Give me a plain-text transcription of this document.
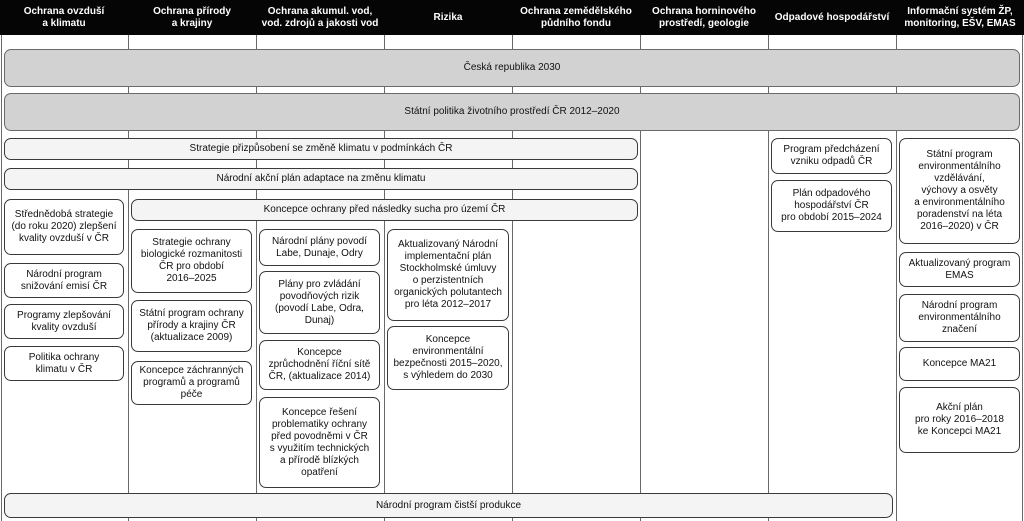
Ochrana ovzduší
a klimatu
Ochrana přírody
a krajiny
Ochrana akumul. vod,
vod. zdrojů a jakosti vod
Rizika
Ochrana zemědělského
půdního fondu
Ochrana horninového
prostředí, geologie
Odpadové hospodářství
Informační systém ŽP,
monitoring, EŠV, EMAS
Česká republika 2030
Státní politika životního prostředí ČR 2012–2020
Strategie přizpůsobení se změně klimatu v podmínkách ČR
Národní akční plán adaptace na změnu klimatu
Koncepce ochrany před následky sucha pro území ČR
Národní program čistší produkce
Střednědobá strategie
(do roku 2020) zlepšení
kvality ovzduší v ČR
Národní program
snižování emisí ČR
Programy zlepšování
kvality ovzduší
Politika ochrany
klimatu v ČR
Strategie ochrany
biologické rozmanitosti
ČR pro období
2016–2025
Státní program ochrany
přírody a krajiny ČR
(aktualizace 2009)
Koncepce záchranných
programů a programů
péče
Národní plány povodí
Labe, Dunaje, Odry
Plány pro zvládání
povodňových rizik
(povodí Labe, Odra,
Dunaj)
Koncepce
zprůchodnění říční sítě
ČR, (aktualizace 2014)
Koncepce řešení
problematiky ochrany
před povodněmi v ČR
s využitím technických
a přírodě blízkých
opatření
Aktualizovaný Národní
implementační plán
Stockholmské úmluvy
o perzistentních
organických polutantech
pro léta 2012–2017
Koncepce
environmentální
bezpečnosti 2015–2020,
s výhledem do 2030
Program předcházení
vzniku odpadů ČR
Plán odpadového
hospodářství ČR
pro období 2015–2024
Státní program
environmentálního
vzdělávání,
výchovy a osvěty
a environmentálního
poradenství na léta
2016–2020) v ČR
Aktualizovaný program
EMAS
Národní program
environmentálního
značení
Koncepce MA21
Akční plán
pro roky 2016–2018
ke Koncepci MA21
